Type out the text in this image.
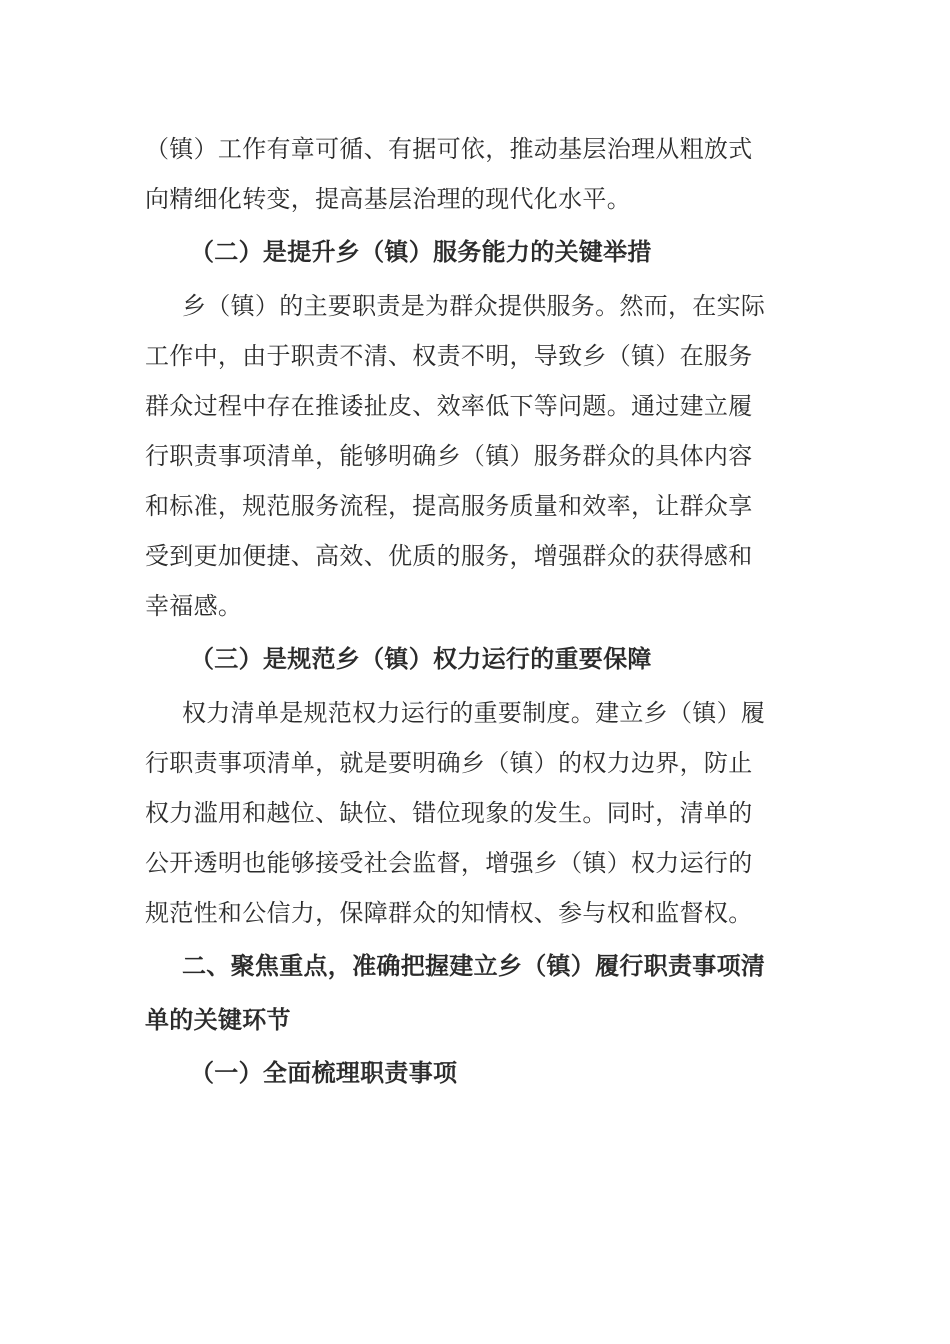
（镇）工作有章可循、有据可依，推动基层治理从粗放式
向精细化转变，提高基层治理的现代化水平。
（二）是提升乡（镇）服务能力的关键举措
乡（镇）的主要职责是为群众提供服务。然而，在实际
工作中，由于职责不清、权责不明，导致乡（镇）在服务
群众过程中存在推诿扯皮、效率低下等问题。通过建立履
行职责事项清单，能够明确乡（镇）服务群众的具体内容
和标准，规范服务流程，提高服务质量和效率，让群众享
受到更加便捷、高效、优质的服务，增强群众的获得感和
幸福感。
（三）是规范乡（镇）权力运行的重要保障
权力清单是规范权力运行的重要制度。建立乡（镇）履
行职责事项清单，就是要明确乡（镇）的权力边界，防止
权力滥用和越位、缺位、错位现象的发生。同时，清单的
公开透明也能够接受社会监督，增强乡（镇）权力运行的
规范性和公信力，保障群众的知情权、参与权和监督权。
二、聚焦重点，准确把握建立乡（镇）履行职责事项清
单的关键环节
（一）全面梳理职责事项
